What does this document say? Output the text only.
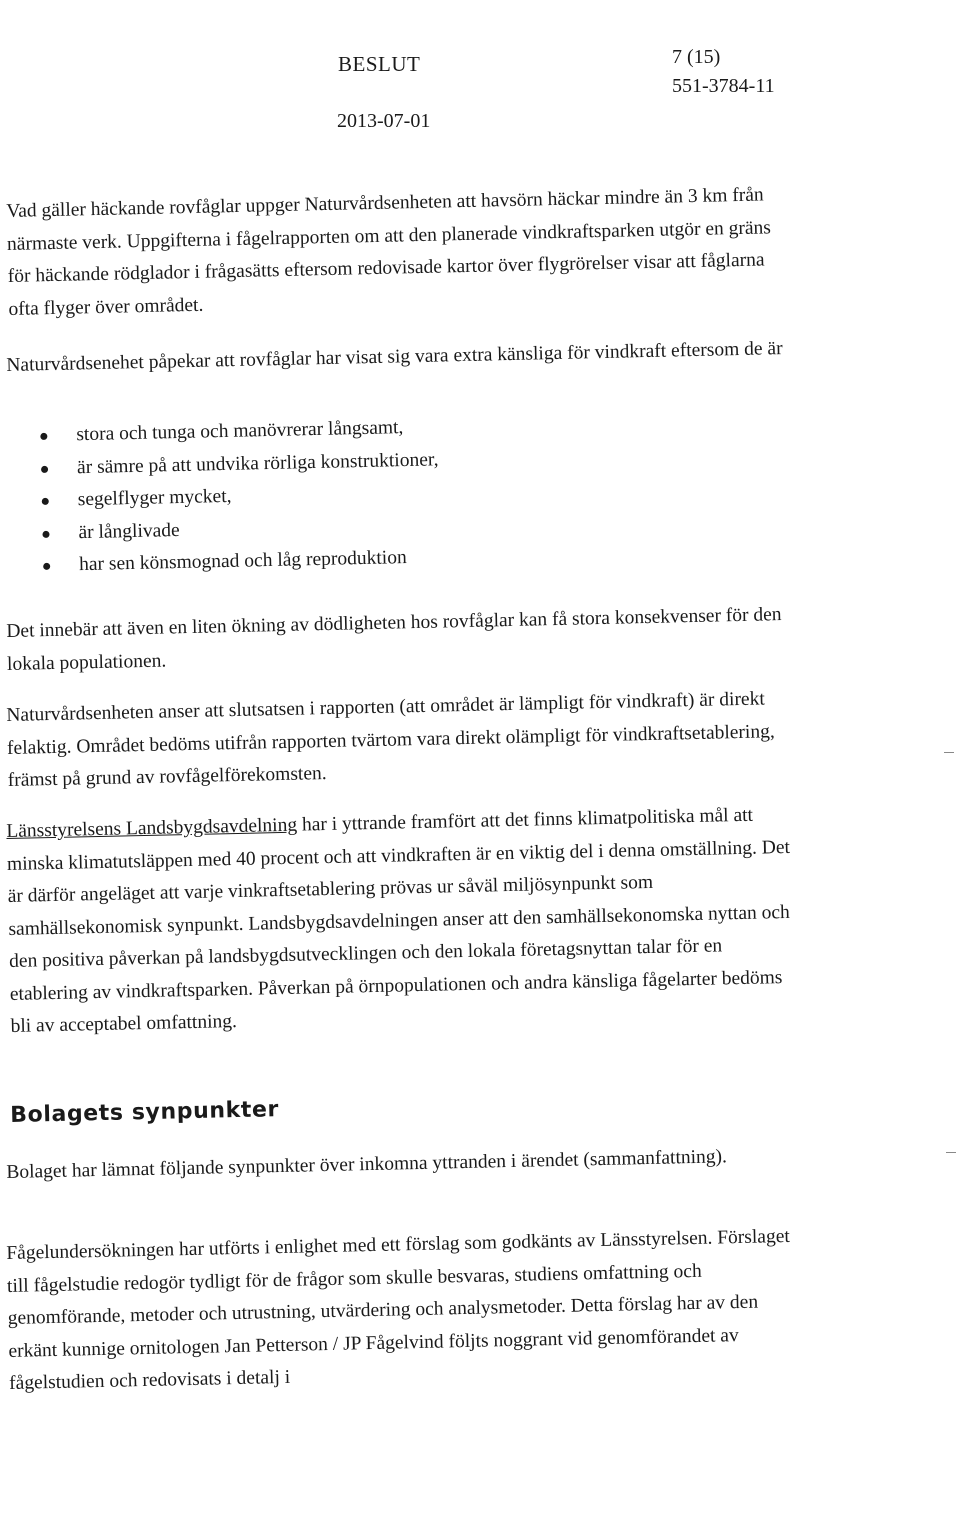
BESLUT	7 (15)
551-3784-11
2013-07-01

Vad gäller häckande rovfåglar uppger Naturvårdsenheten att havsörn häckar mindre än 3 km från närmaste verk. Uppgifterna i fågelrapporten om att den planerade vindkraftsparken utgör en gräns för häckande rödglador i frågasätts eftersom redovisade kartor över flygrörelser visar att fåglarna ofta flyger över området.

Naturvårdsenehet påpekar att rovfåglar har visat sig vara extra känsliga för vindkraft eftersom de är

stora och tunga och manövrerar långsamt,
är sämre på att undvika rörliga konstruktioner,
segelflyger mycket,
är långlivade
har sen könsmognad och låg reproduktion

Det innebär att även en liten ökning av dödligheten hos rovfåglar kan få stora konsekvenser för den lokala populationen.

Naturvårdsenheten anser att slutsatsen i rapporten (att området är lämpligt för vindkraft) är direkt felaktig. Området bedöms utifrån rapporten tvärtom vara direkt olämpligt för vindkraftsetablering, främst på grund av rovfågelförekomsten.

Länsstyrelsens Landsbygdsavdelning har i yttrande framfört att det finns klimatpolitiska mål att minska klimatutsläppen med 40 procent och att vindkraften är en viktig del i denna omställning. Det är därför angeläget att varje vinkraftsetablering prövas ur såväl miljösynpunkt som samhällsekonomisk synpunkt. Landsbygdsavdelningen anser att den samhällsekonomska nyttan och den positiva påverkan på landsbygdsutvecklingen och den lokala företagsnyttan talar för en etablering av vindkraftsparken. Påverkan på örnpopulationen och andra känsliga fågelarter bedöms bli av acceptabel omfattning.

Bolagets synpunkter

Bolaget har lämnat följande synpunkter över inkomna yttranden i ärendet (sammanfattning).

Fågelundersökningen har utförts i enlighet med ett förslag som godkänts av Länsstyrelsen. Förslaget till fågelstudie redogör tydligt för de frågor som skulle besvaras, studiens omfattning och genomförande, metoder och utrustning, utvärdering och analysmetoder. Detta förslag har av den erkänt kunnige ornitologen Jan Petterson / JP Fågelvind följts noggrant vid genomförandet av fågelstudien och redovisats i detalj i
